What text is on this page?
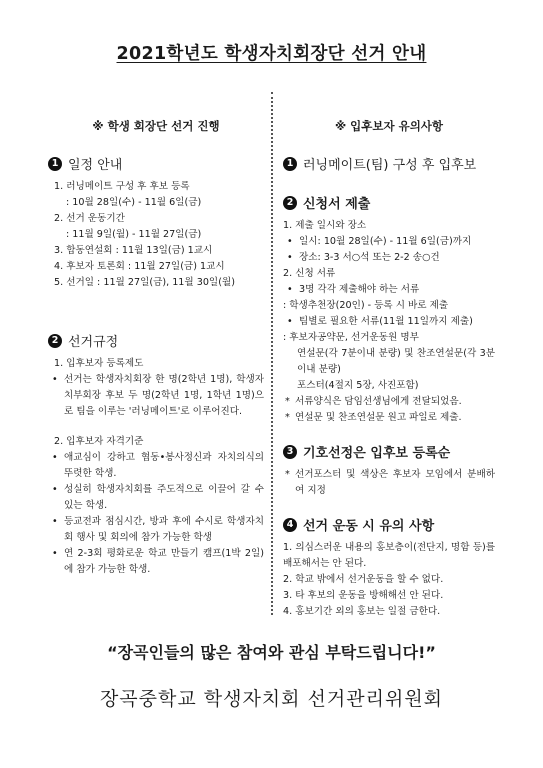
2021학년도 학생자치회장단 선거 안내
※ 학생 회장단 선거 진행
1 일정 안내
1. 러닝메이트 구성 후 후보 등록
: 10월 28일(수) - 11월 6일(금)
2. 선거 운동기간
: 11월 9일(월) - 11월 27일(금)
3. 합동연설회 : 11월 13일(금) 1교시
4. 후보자 토론회 : 11월 27일(금) 1교시
5. 선거일 : 11월 27일(금), 11월 30일(월)
2 선거규정
1. 입후보자 등록제도
• 선거는 학생자치회장 한 명(2학년 1명), 학생자치부회장 후보 두 명(2학년 1명, 1학년 1명)으로 팀을 이루는 '러닝메이트'로 이루어진다.
2. 입후보자 자격기준
• 애교심이 강하고 협동•봉사정신과 자치의식의 뚜렷한 학생.
• 성실히 학생자치회를 주도적으로 이끌어 갈 수 있는 학생.
• 등교전과 점심시간, 방과 후에 수시로 학생자치회 행사 및 회의에 참가 가능한 학생
• 연 2-3회 평화로운 학교 만들기 캠프(1박 2일)에 참가 가능한 학생.
※ 입후보자 유의사항
1 러닝메이트(팀) 구성 후 입후보
2 신청서 제출
1. 제출 일시와 장소
• 일시: 10월 28일(수) - 11월 6일(금)까지
• 장소: 3-3 서○석 또는 2-2 송○건
2. 신청 서류
• 3명 각각 제출해야 하는 서류
: 학생추천장(20인) - 등록 시 바로 제출
• 팀별로 필요한 서류(11월 11일까지 제출)
: 후보자공약문, 선거운동원 명부
연설문(각 7분이내 분량) 및 찬조연설문(각 3분이내 분량)
포스터(4절지 5장, 사진포함)
* 서류양식은 담임선생님에게 전달되었음.
* 연설문 및 찬조연설문 원고 파일로 제출.
3 기호선정은 입후보 등록순
* 선거포스터 및 색상은 후보자 모임에서 분배하여 지정
4 선거 운동 시 유의 사항
1. 의심스러운 내용의 홍보층이(전단지, 명함 등)를 배포해서는 안 된다.
2. 학교 밖에서 선거운동을 할 수 없다.
3. 타 후보의 운동을 방해해선 안 된다.
4. 홍보기간 외의 홍보는 일절 금한다.
“장곡인들의 많은 참여와 관심 부탁드립니다!”
장곡중학교 학생자치회 선거관리위원회
